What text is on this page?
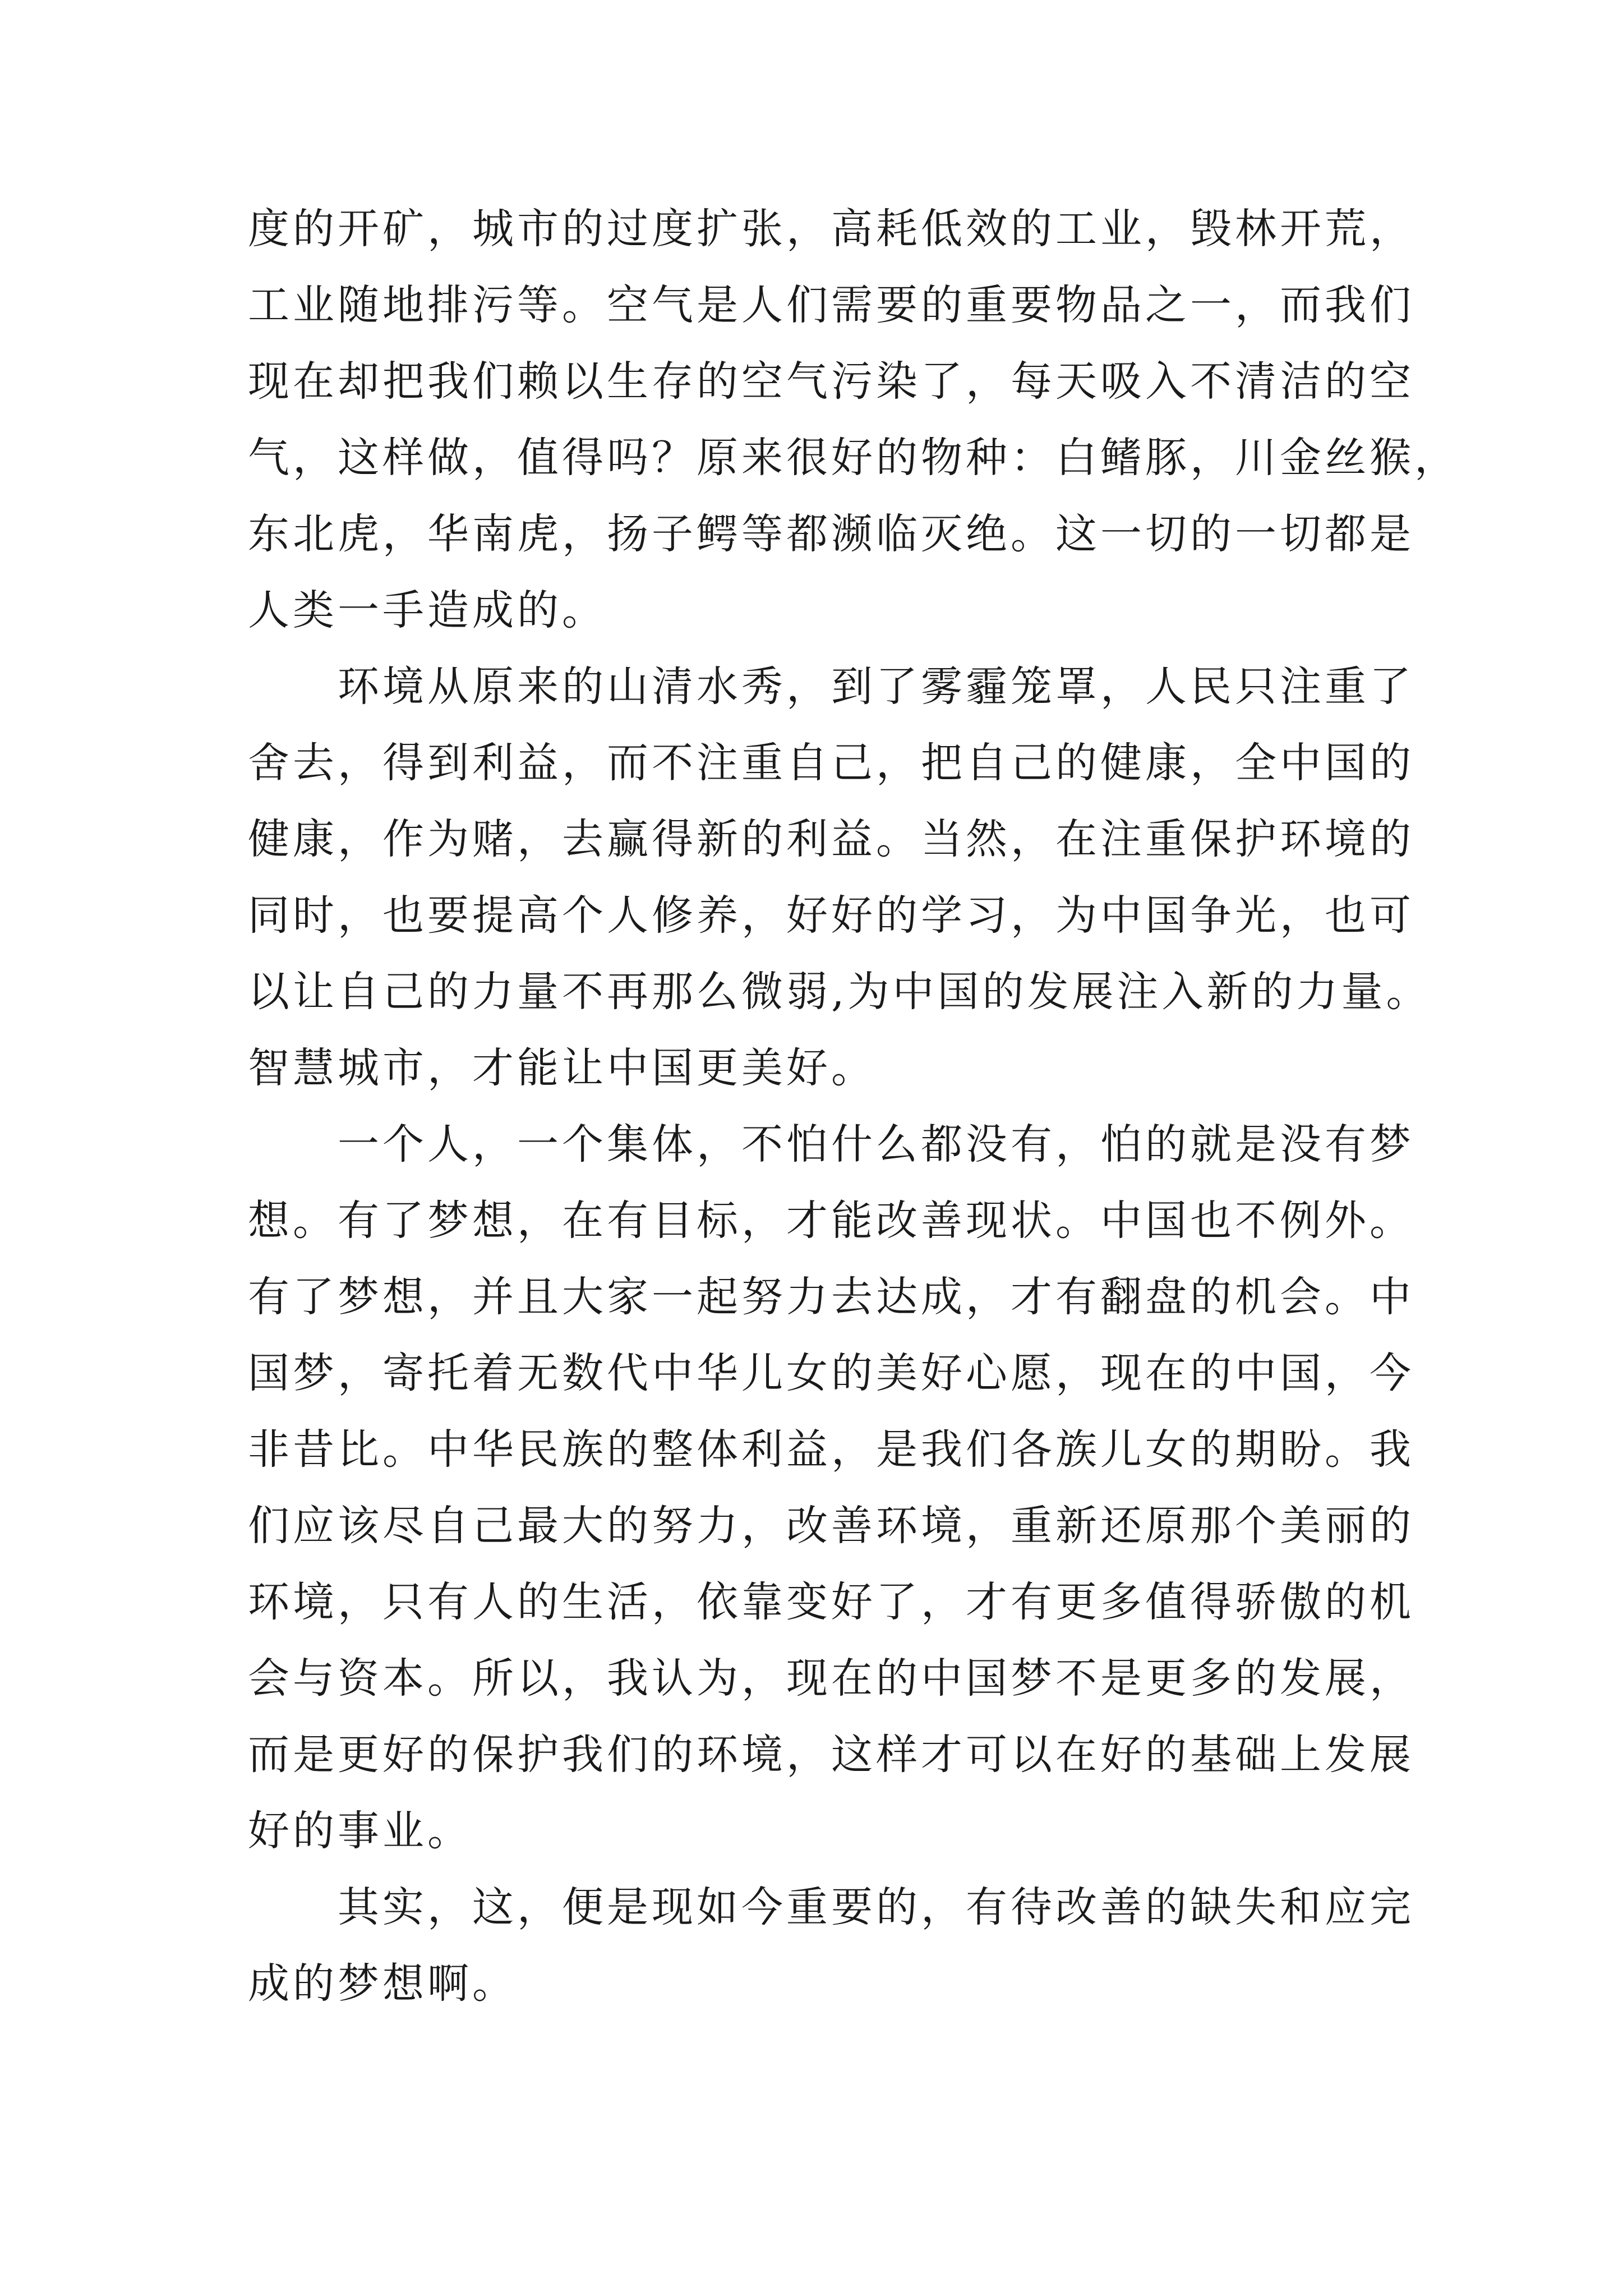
度的开矿，城市的过度扩张，高耗低效的工业，毁林开荒，
工业随地排污等。空气是人们需要的重要物品之一，而我们
现在却把我们赖以生存的空气污染了，每天吸入不清洁的空
气，这样做，值得吗？原来很好的物种：白鳍豚，川金丝猴，
东北虎，华南虎，扬子鳄等都濒临灭绝。这一切的一切都是
人类一手造成的。
环境从原来的山清水秀，到了雾霾笼罩，人民只注重了
舍去，得到利益，而不注重自己，把自己的健康，全中国的
健康，作为赌，去赢得新的利益。当然，在注重保护环境的
同时，也要提高个人修养，好好的学习，为中国争光，也可
以让自己的力量不再那么微弱,为中国的发展注入新的力量。
智慧城市，才能让中国更美好。
一个人，一个集体，不怕什么都没有，怕的就是没有梦
想。有了梦想，在有目标，才能改善现状。中国也不例外。
有了梦想，并且大家一起努力去达成，才有翻盘的机会。中
国梦，寄托着无数代中华儿女的美好心愿，现在的中国，今
非昔比。中华民族的整体利益，是我们各族儿女的期盼。我
们应该尽自己最大的努力，改善环境，重新还原那个美丽的
环境，只有人的生活，依靠变好了，才有更多值得骄傲的机
会与资本。所以，我认为，现在的中国梦不是更多的发展，
而是更好的保护我们的环境，这样才可以在好的基础上发展
好的事业。
其实，这，便是现如今重要的，有待改善的缺失和应完
成的梦想啊。
